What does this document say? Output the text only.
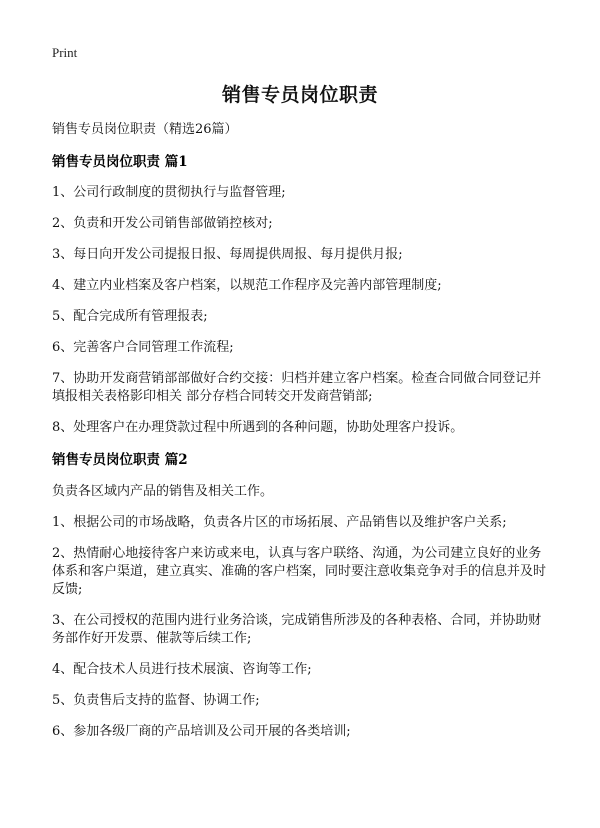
Print
销售专员岗位职责
销售专员岗位职责（精选26篇）
销售专员岗位职责 篇1
1、公司行政制度的贯彻执行与监督管理;
2、负责和开发公司销售部做销控核对;
3、每日向开发公司提报日报、每周提供周报、每月提供月报;
4、建立内业档案及客户档案，以规范工作程序及完善内部管理制度;
5、配合完成所有管理报表;
6、完善客户合同管理工作流程;
7、协助开发商营销部部做好合约交接：归档并建立客户档案。检查合同做合同登记并填报相关表格影印相关 部分存档合同转交开发商营销部;
8、处理客户在办理贷款过程中所遇到的各种问题，协助处理客户投诉。
销售专员岗位职责 篇2
负责各区域内产品的销售及相关工作。
1、根据公司的市场战略，负责各片区的市场拓展、产品销售以及维护客户关系;
2、热情耐心地接待客户来访或来电，认真与客户联络、沟通，为公司建立良好的业务体系和客户渠道，建立真实、准确的客户档案，同时要注意收集竞争对手的信息并及时反馈;
3、在公司授权的范围内进行业务洽谈，完成销售所涉及的各种表格、合同，并协助财务部作好开发票、催款等后续工作;
4、配合技术人员进行技术展演、咨询等工作;
5、负责售后支持的监督、协调工作;
6、参加各级厂商的产品培训及公司开展的各类培训;
